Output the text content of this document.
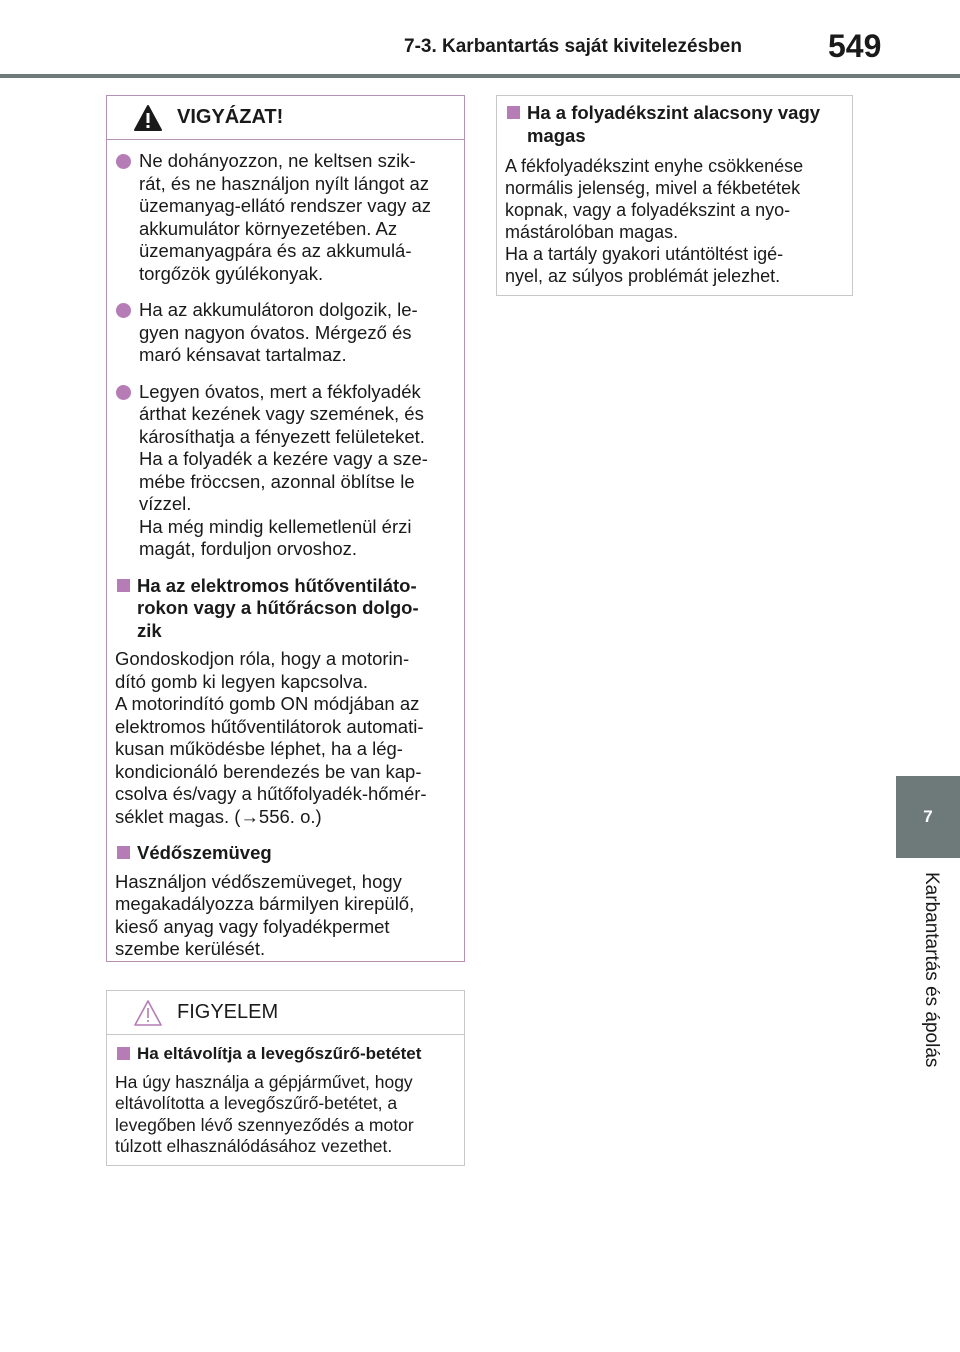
7-3. Karbantartás saját kivitelezésben	549
7
Karbantartás és ápolás
VIGYÁZAT!
Ne dohányozzon, ne keltsen szik-
rát, és ne használjon nyílt lángot az
üzemanyag-ellátó rendszer vagy az
akkumulátor környezetében. Az
üzemanyagpára és az akkumulá-
torgőzök gyúlékonyak.
Ha az akkumulátoron dolgozik, le-
gyen nagyon óvatos. Mérgező és
maró kénsavat tartalmaz.
Legyen óvatos, mert a fékfolyadék
árthat kezének vagy szemének, és
károsíthatja a fényezett felületeket.
Ha a folyadék a kezére vagy a sze-
mébe fröccsen, azonnal öblítse le
vízzel.
Ha még mindig kellemetlenül érzi
magát, forduljon orvoshoz.
Ha az elektromos hűtőventiláto-
rokon vagy a hűtőrácson dolgo-
zik
Gondoskodjon róla, hogy a motorin-
dító gomb ki legyen kapcsolva.
A motorindító gomb ON módjában az
elektromos hűtőventilátorok automati-
kusan működésbe léphet, ha a lég-
kondicionáló berendezés be van kap-
csolva és/vagy a hűtőfolyadék-hőmér-
séklet magas. (→556. o.)
Védőszemüveg
Használjon védőszemüveget, hogy
megakadályozza bármilyen kirepülő,
kieső anyag vagy folyadékpermet
szembe kerülését.
FIGYELEM
Ha eltávolítja a levegőszűrő-betétet
Ha úgy használja a gépjárművet, hogy
eltávolította a levegőszűrő-betétet, a
levegőben lévő szennyeződés a motor
túlzott elhasználódásához vezethet.
Ha a folyadékszint alacsony vagy
magas
A fékfolyadékszint enyhe csökkenése
normális jelenség, mivel a fékbetétek
kopnak, vagy a folyadékszint a nyo-
mástárolóban magas.
Ha a tartály gyakori utántöltést igé-
nyel, az súlyos problémát jelezhet.
